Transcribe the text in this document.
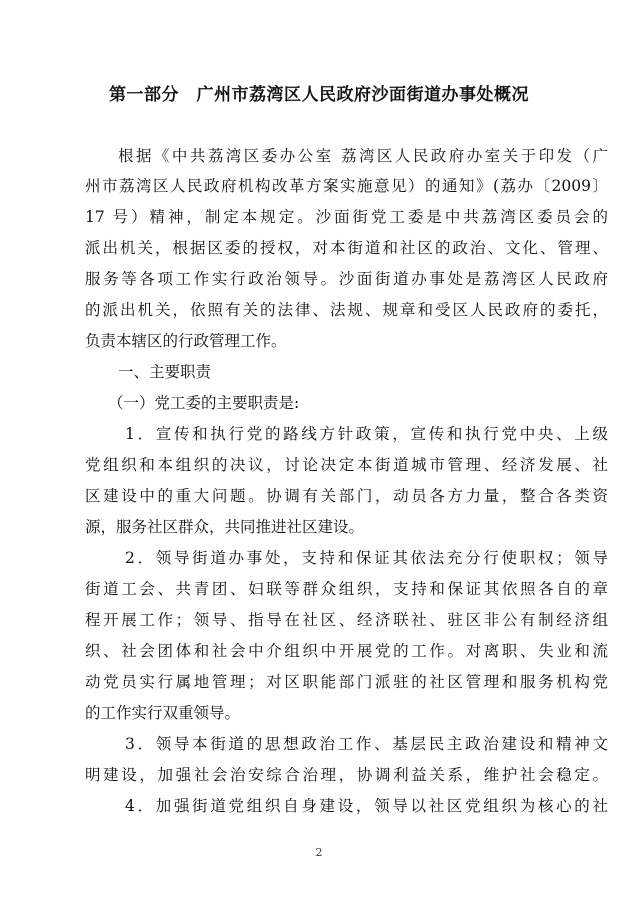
第一部分　广州市荔湾区人民政府沙面街道办事处概况
根据《中共荔湾区委办公室 荔湾区人民政府办室关于印发（广
州市荔湾区人民政府机构改革方案实施意见）的通知》(荔办〔2009〕
17 号）精神，制定本规定。沙面街党工委是中共荔湾区委员会的
派出机关，根据区委的授权，对本街道和社区的政治、文化、管理、
服务等各项工作实行政治领导。沙面街道办事处是荔湾区人民政府
的派出机关，依照有关的法律、法规、规章和受区人民政府的委托，
负责本辖区的行政管理工作。
一、主要职责
（一）党工委的主要职责是:
1．宣传和执行党的路线方针政策，宣传和执行党中央、上级
党组织和本组织的决议，讨论决定本街道城市管理、经济发展、社
区建设中的重大问题。协调有关部门，动员各方力量，整合各类资
源，服务社区群众，共同推进社区建设。
2．领导街道办事处，支持和保证其依法充分行使职权；领导
街道工会、共青团、妇联等群众组织，支持和保证其依照各自的章
程开展工作；领导、指导在社区、经济联社、驻区非公有制经济组
织、社会团体和社会中介组织中开展党的工作。对离职、失业和流
动党员实行属地管理；对区职能部门派驻的社区管理和服务机构党
的工作实行双重领导。
3．领导本街道的思想政治工作、基层民主政治建设和精神文
明建设，加强社会治安综合治理，协调利益关系，维护社会稳定。
4．加强街道党组织自身建设，领导以社区党组织为核心的社
2
